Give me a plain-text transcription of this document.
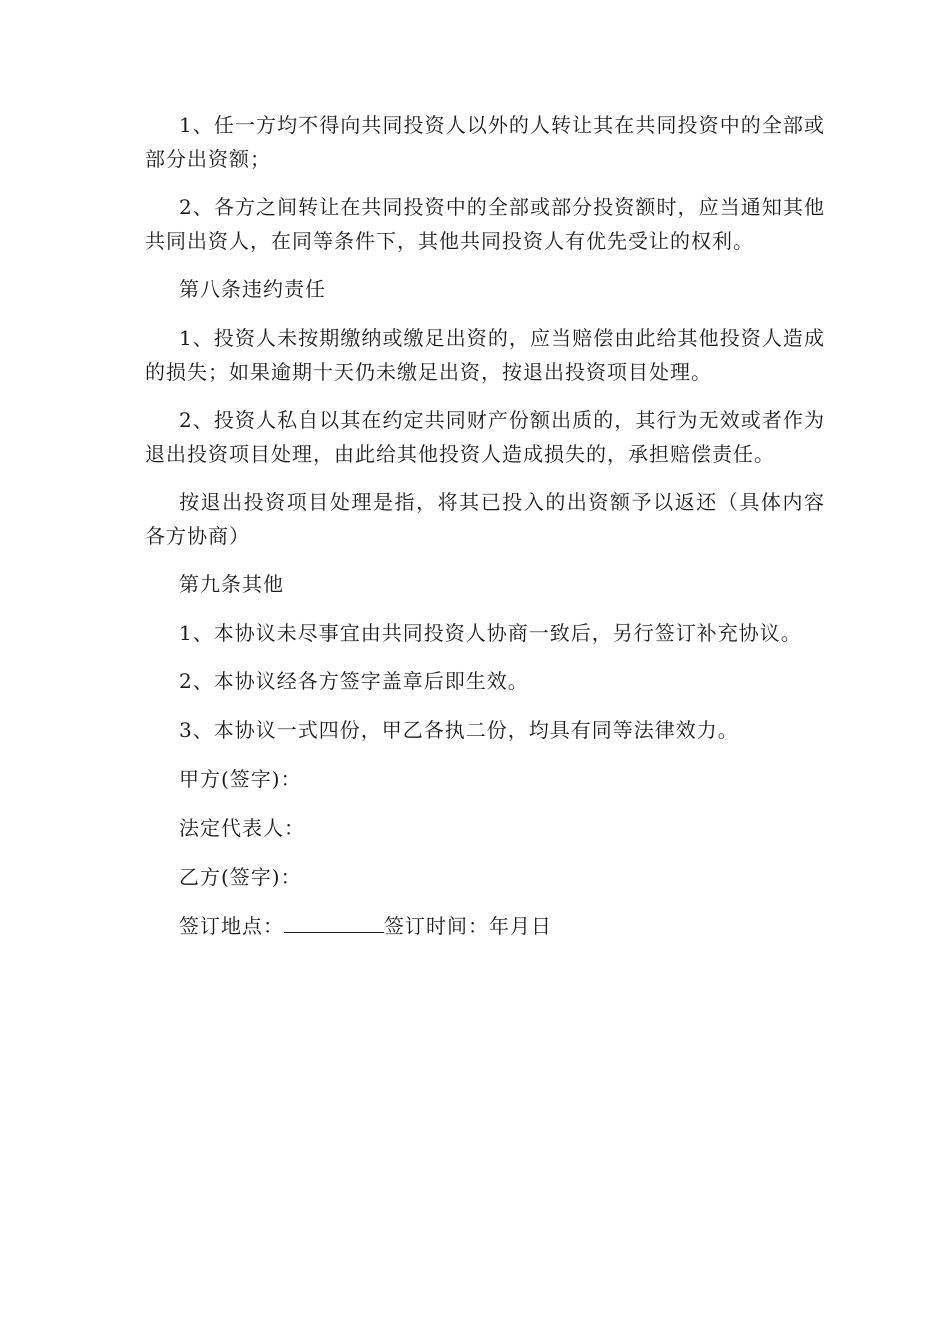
1、任一方均不得向共同投资人以外的人转让其在共同投资中的全部或部分出资额；

2、各方之间转让在共同投资中的全部或部分投资额时，应当通知其他共同出资人，在同等条件下，其他共同投资人有优先受让的权利。

第八条违约责任

1、投资人未按期缴纳或缴足出资的，应当赔偿由此给其他投资人造成的损失；如果逾期十天仍未缴足出资，按退出投资项目处理。

2、投资人私自以其在约定共同财产份额出质的，其行为无效或者作为退出投资项目处理，由此给其他投资人造成损失的，承担赔偿责任。

按退出投资项目处理是指，将其已投入的出资额予以返还（具体内容各方协商）

第九条其他

1、本协议未尽事宜由共同投资人协商一致后，另行签订补充协议。

2、本协议经各方签字盖章后即生效。

3、本协议一式四份，甲乙各执二份，均具有同等法律效力。

甲方(签字)：

法定代表人：

乙方(签字)：

签订地点：	签订时间：年月日
